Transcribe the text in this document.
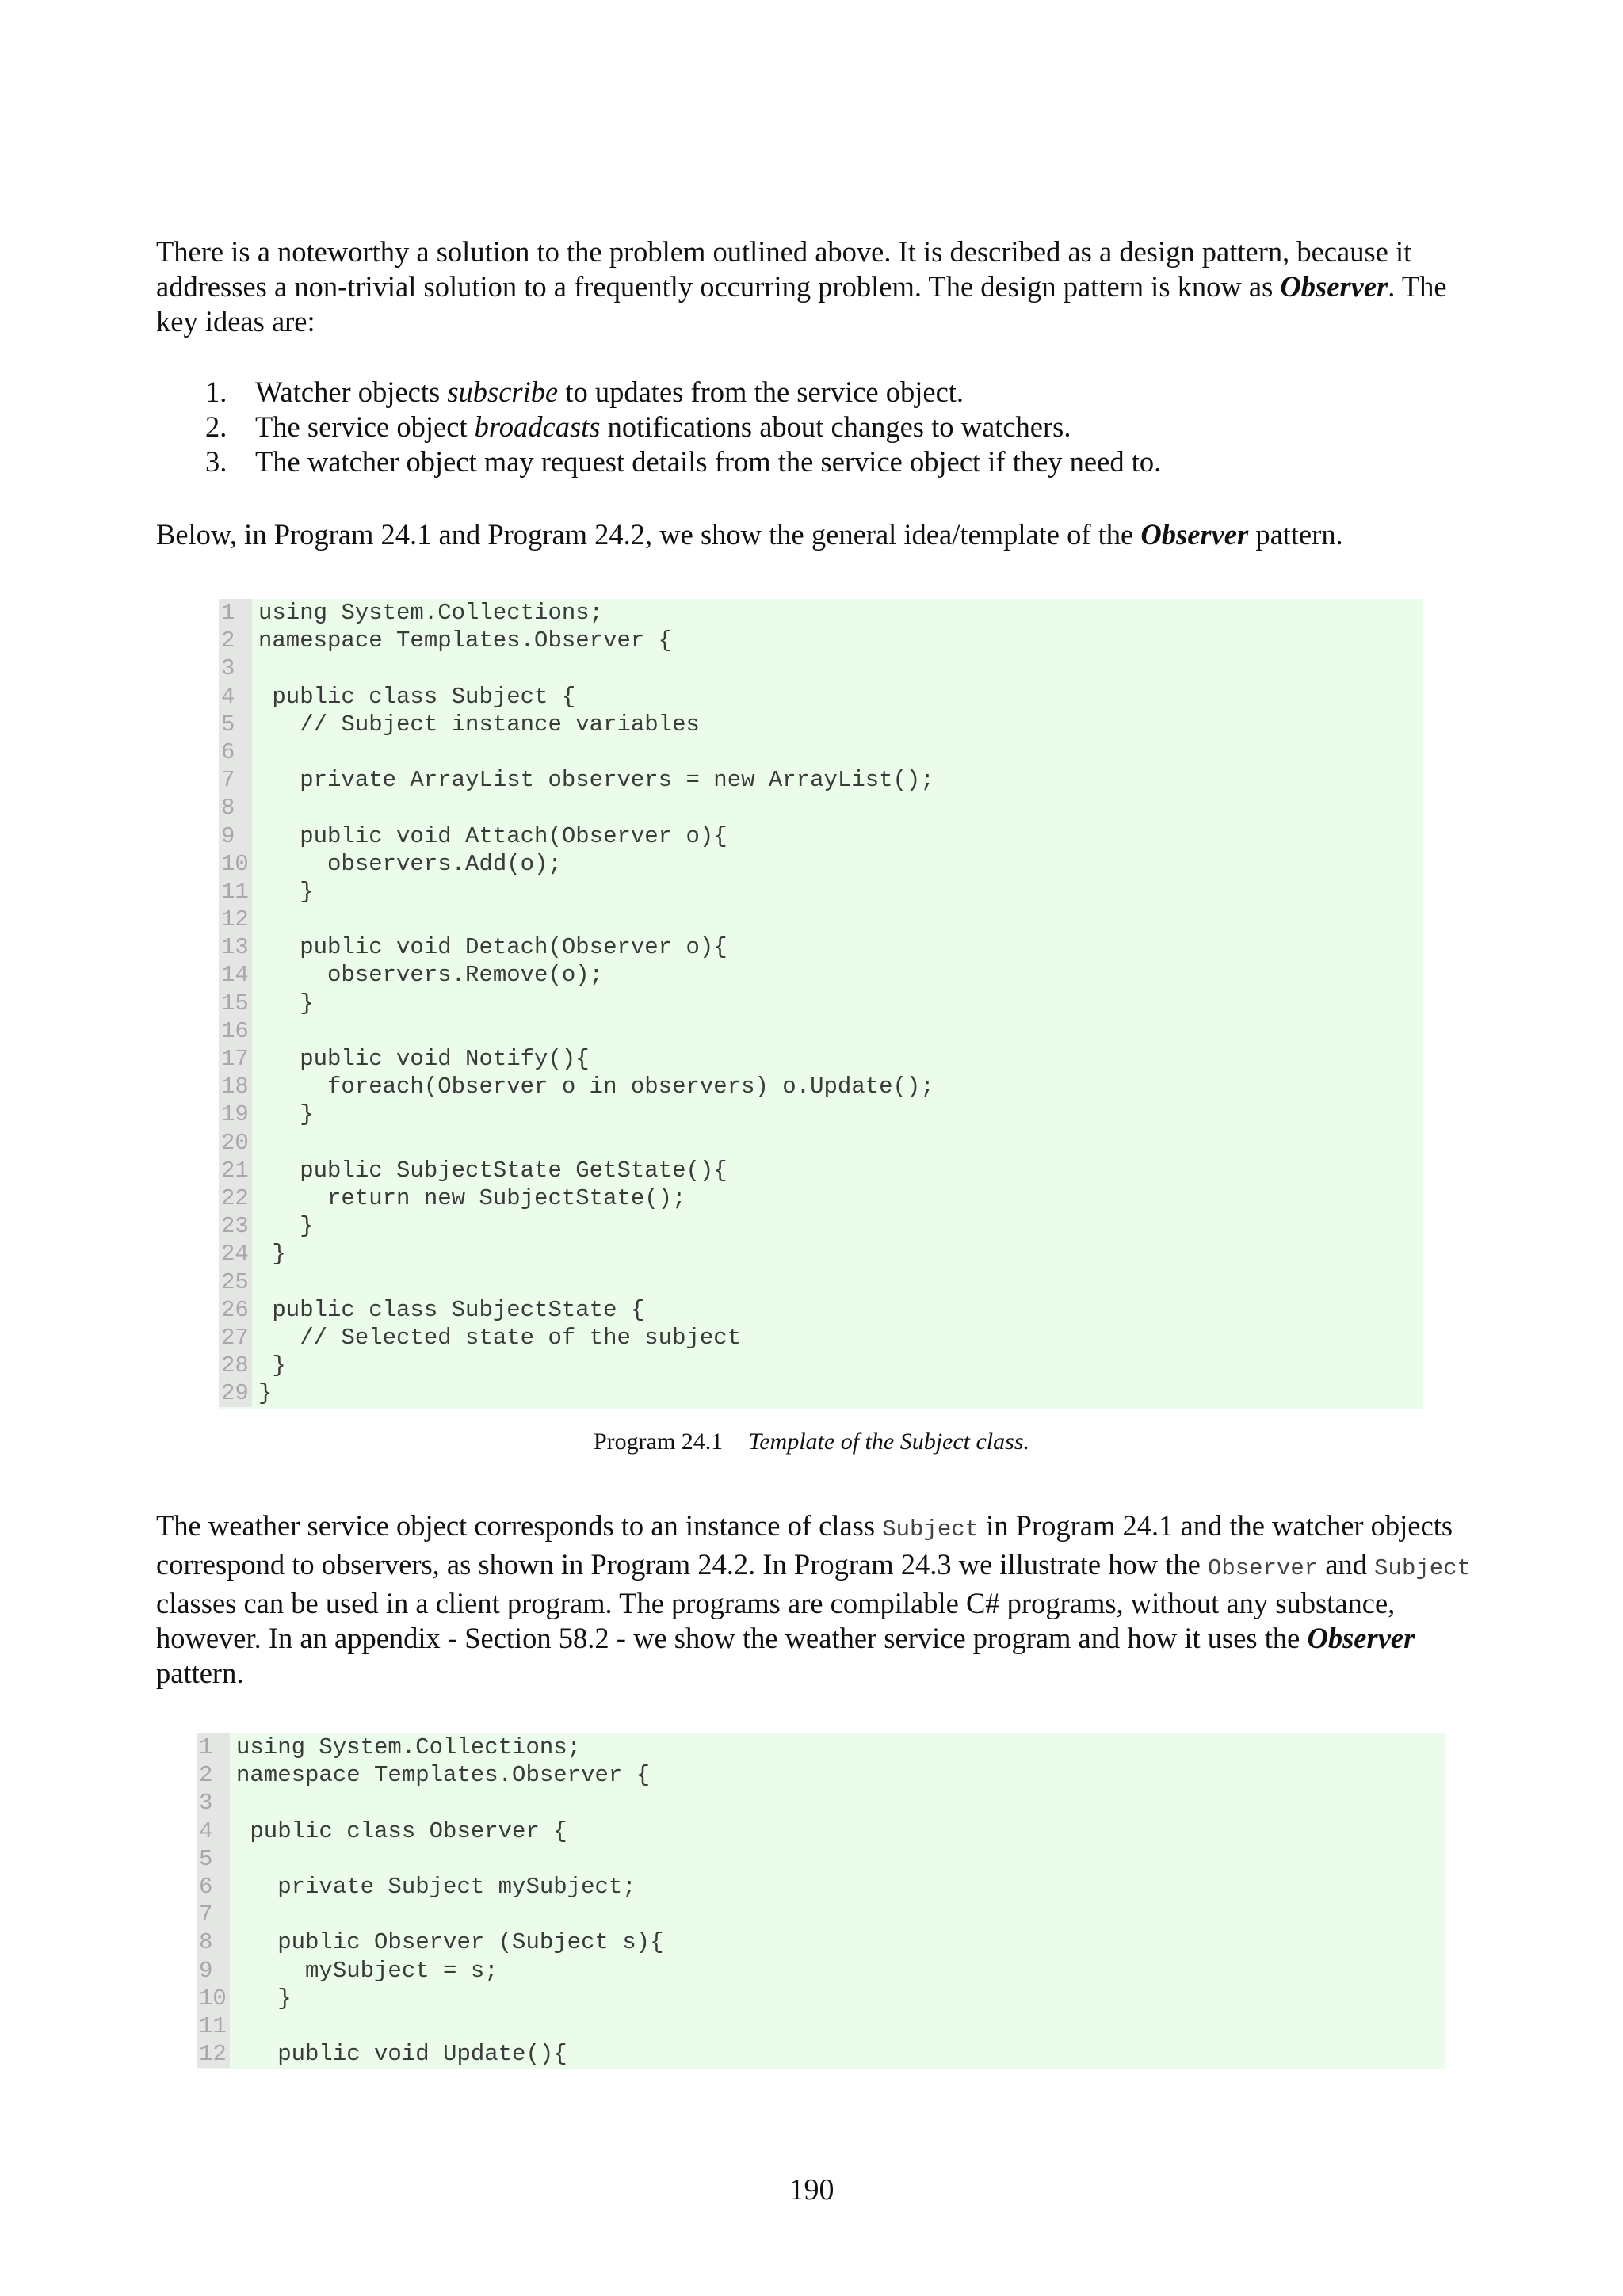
There is a noteworthy a solution to the problem outlined above. It is described as a design pattern, because it addresses a non-trivial solution to a frequently occurring problem. The design pattern is know as Observer. The key ideas are:

1. Watcher objects subscribe to updates from the service object.
2. The service object broadcasts notifications about changes to watchers.
3. The watcher object may request details from the service object if they need to.

Below, in Program 24.1 and Program 24.2, we show the general idea/template of the Observer pattern.

1	using System.Collections;
2	namespace Templates.Observer {
3
4	public class Subject {
5	// Subject instance variables
6
7	private ArrayList observers = new ArrayList();
8
9	public void Attach(Observer o){
10 observers.Add(o);
11 }
12
13 public void Detach(Observer o){
14 observers.Remove(o);
15 }
16
17 public void Notify(){
18 foreach(Observer o in observers) o.Update();
19 }
20
21 public SubjectState GetState(){
22 return new SubjectState();
23 }
24 }
25
26 public class SubjectState {
27 // Selected state of the subject
28 }
29 }
Program 24.1 Template of the Subject class.

The weather service object corresponds to an instance of class Subject in Program 24.1 and the watcher objects correspond to observers, as shown in Program 24.2. In Program 24.3 we illustrate how the Observer and Subject classes can be used in a client program. The programs are compilable C# programs, without any substance, however. In an appendix - Section 58.2 - we show the weather service program and how it uses the Observer pattern.

1	using System.Collections;
2	namespace Templates.Observer {
3
4	public class Observer {
5
6	private Subject mySubject;
7
8	public Observer (Subject s){
9	mySubject = s;
10 }
11
12 public void Update(){
190
